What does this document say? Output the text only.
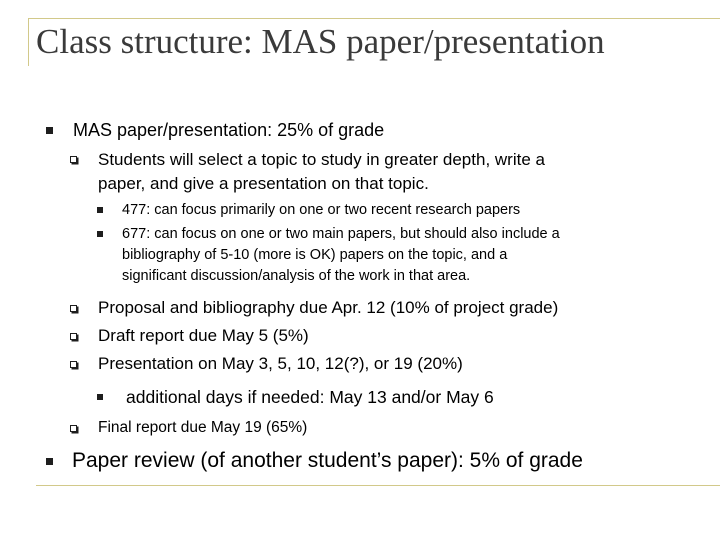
Class structure: MAS paper/presentation
MAS paper/presentation: 25% of grade
Students will select a topic to study in greater depth, write a
paper, and give a presentation on that topic.
477: can focus primarily on one or two recent research papers
677: can focus on one or two main papers, but should also include a
bibliography of 5-10 (more is OK) papers on the topic, and a
significant discussion/analysis of the work in that area.
Proposal and bibliography due Apr. 12 (10% of project grade)
Draft report due May 5 (5%)
Presentation on May 3, 5, 10, 12(?), or 19 (20%)
additional days if needed: May 13 and/or May 6
Final report due May 19 (65%)
Paper review (of another student’s paper): 5% of grade
